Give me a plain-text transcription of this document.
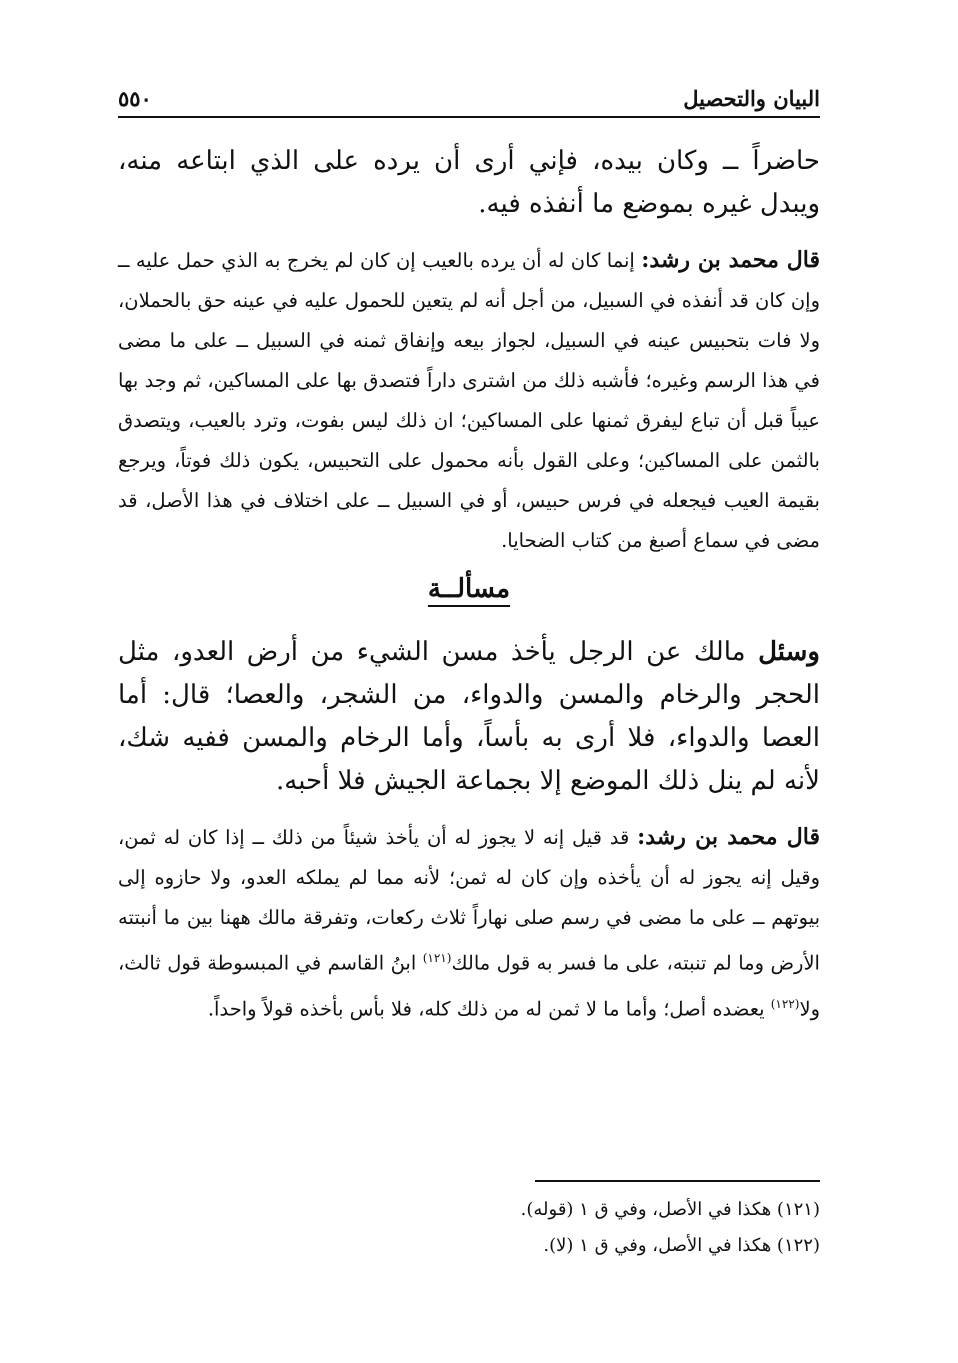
البيان والتحصيل
٥٥٠

حاضراً ــ وكان بيده، فإني أرى أن يرده على الذي ابتاعه منه، ويبدل غيره بموضع ما أنفذه فيه.

قال محمد بن رشد: إنما كان له أن يرده بالعيب إن كان لم يخرج به الذي حمل عليه ــ وإن كان قد أنفذه في السبيل، من أجل أنه لم يتعين للحمول عليه في عينه حق بالحملان، ولا فات بتحبيس عينه في السبيل، لجواز بيعه وإنفاق ثمنه في السبيل ــ على ما مضى في هذا الرسم وغيره؛ فأشبه ذلك من اشترى داراً فتصدق بها على المساكين، ثم وجد بها عيباً قبل أن تباع ليفرق ثمنها على المساكين؛ ان ذلك ليس بفوت، وترد بالعيب، ويتصدق بالثمن على المساكين؛ وعلى القول بأنه محمول على التحبيس، يكون ذلك فوتاً، ويرجع بقيمة العيب فيجعله في فرس حبيس، أو في السبيل ــ على اختلاف في هذا الأصل، قد مضى في سماع أصبغ من كتاب الضحايا.

مسألــة

وسئل مالك عن الرجل يأخذ مسن الشيء من أرض العدو، مثل الحجر والرخام والمسن والدواء، من الشجر، والعصا؛ قال: أما العصا والدواء، فلا أرى به بأساً، وأما الرخام والمسن ففيه شك، لأنه لم ينل ذلك الموضع إلا بجماعة الجيش فلا أحبه.

قال محمد بن رشد: قد قيل إنه لا يجوز له أن يأخذ شيئاً من ذلك ــ إذا كان له ثمن، وقيل إنه يجوز له أن يأخذه وإن كان له ثمن؛ لأنه مما لم يملكه العدو، ولا حازوه إلى بيوتهم ــ على ما مضى في رسم صلى نهاراً ثلاث ركعات، وتفرقة مالك ههنا بين ما أنبتته الأرض وما لم تنبته، على ما فسر به قول مالك$^{(١٢١)}$ ابنُ القاسم في المبسوطة قول ثالث، ولا$^{(١٢٢)}$ يعضده أصل؛ وأما ما لا ثمن له من ذلك كله، فلا بأس بأخذه قولاً واحداً.

(١٢١) هكذا في الأصل، وفي ق ١ (قوله).
(١٢٢) هكذا في الأصل، وفي ق ١ (لا).
